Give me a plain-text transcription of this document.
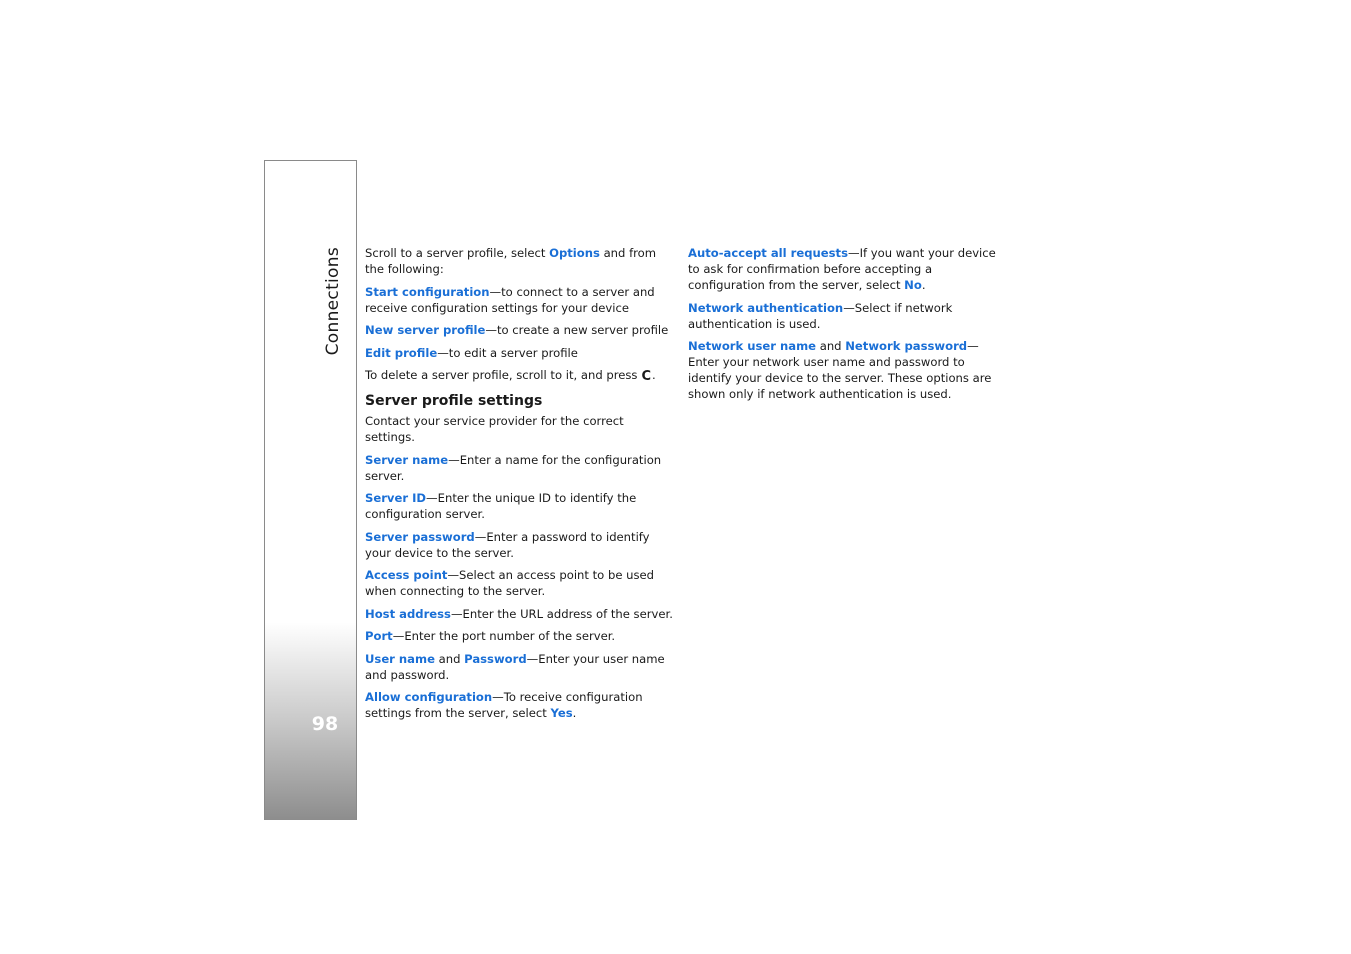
Connections
98

Scroll to a server profile, select Options and from the following:

Start configuration—to connect to a server and receive configuration settings for your device

New server profile—to create a new server profile

Edit profile—to edit a server profile

To delete a server profile, scroll to it, and press C.

Server profile settings

Contact your service provider for the correct settings.

Server name—Enter a name for the configuration server.

Server ID—Enter the unique ID to identify the configuration server.

Server password—Enter a password to identify your device to the server.

Access point—Select an access point to be used when connecting to the server.

Host address—Enter the URL address of the server.

Port—Enter the port number of the server.

User name and Password—Enter your user name and password.

Allow configuration—To receive configuration settings from the server, select Yes.

Auto-accept all requests—If you want your device to ask for confirmation before accepting a configuration from the server, select No.

Network authentication—Select if network authentication is used.

Network user name and Network password—Enter your network user name and password to identify your device to the server. These options are shown only if network authentication is used.
